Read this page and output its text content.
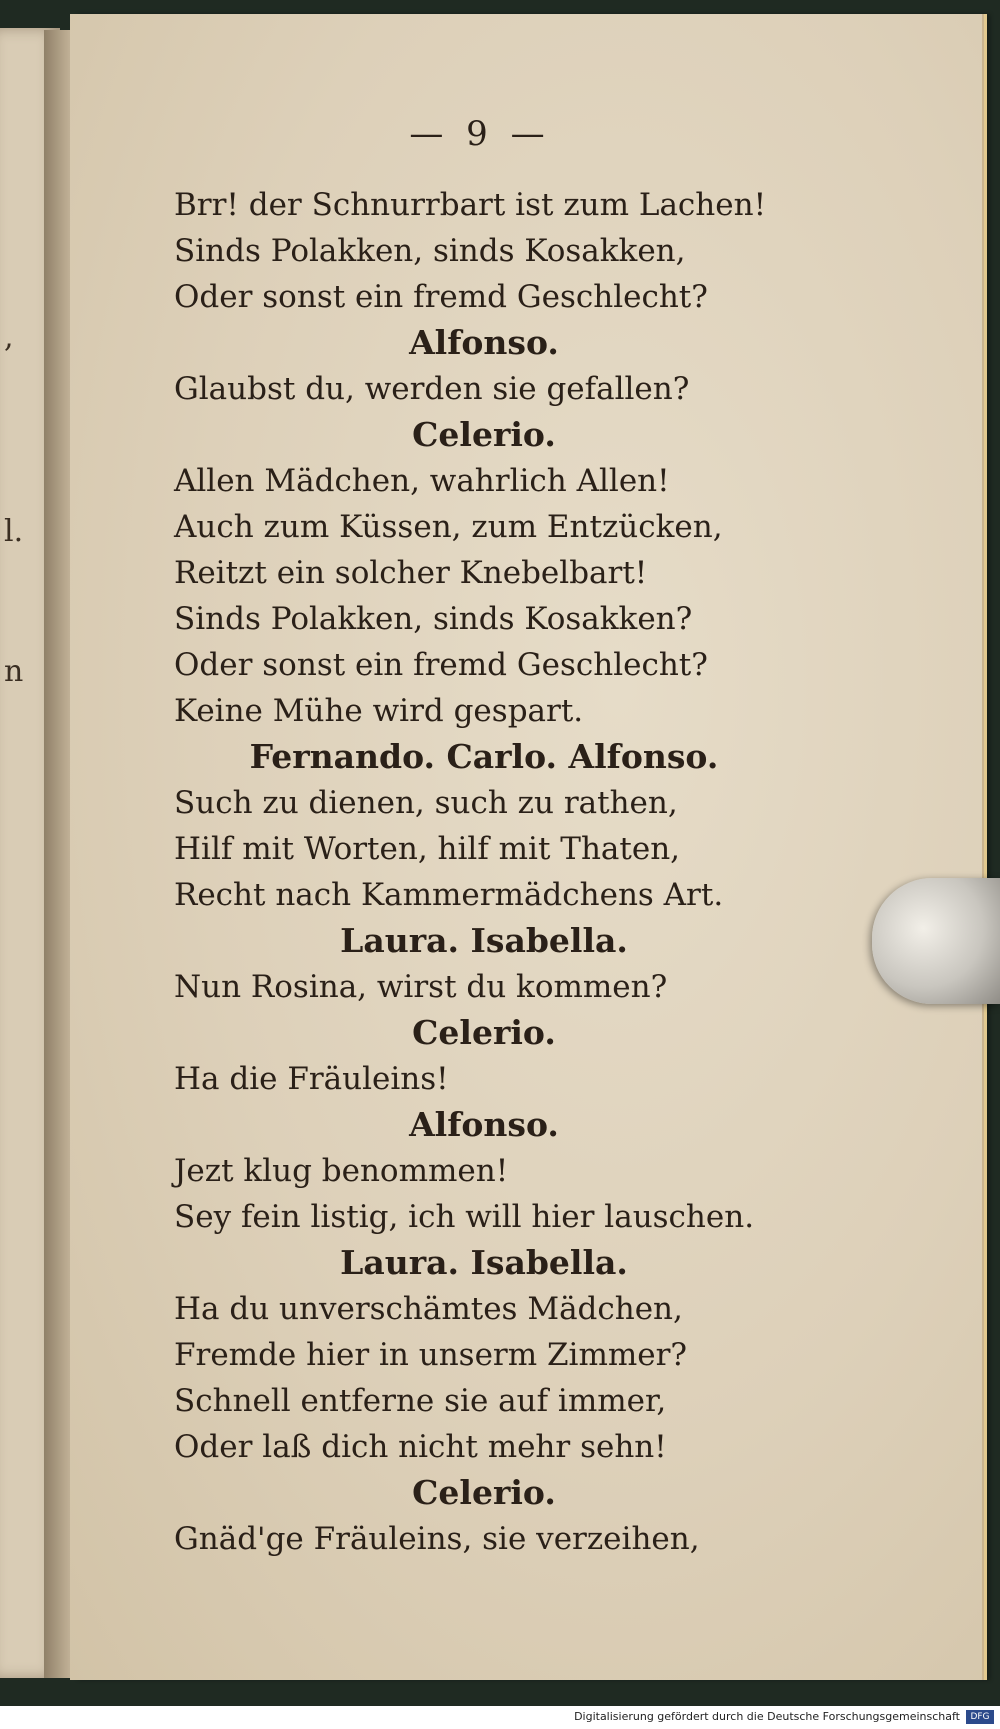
,
l.
n
— 9 —
Brr! der Schnurrbart ist zum Lachen!
Sinds Polakken, sinds Kosakken,
Oder sonst ein fremd Geschlecht?
Alfonso.
Glaubst du, werden sie gefallen?
Celerio.
Allen Mädchen, wahrlich Allen!
Auch zum Küssen, zum Entzücken,
Reitzt ein solcher Knebelbart!
Sinds Polakken, sinds Kosakken?
Oder sonst ein fremd Geschlecht?
Keine Mühe wird gespart.
Fernando. Carlo. Alfonso.
Such zu dienen, such zu rathen,
Hilf mit Worten, hilf mit Thaten,
Recht nach Kammermädchens Art.
Laura. Isabella.
Nun Rosina, wirst du kommen?
Celerio.
Ha die Fräuleins!
Alfonso.
Jezt klug benommen!
Sey fein listig, ich will hier lauschen.
Laura. Isabella.
Ha du unverschämtes Mädchen,
Fremde hier in unserm Zimmer?
Schnell entferne sie auf immer,
Oder laß dich nicht mehr sehn!
Celerio.
Gnäd'ge Fräuleins, sie verzeihen,
Digitalisierung gefördert durch die Deutsche Forschungsgemeinschaft	DFG
